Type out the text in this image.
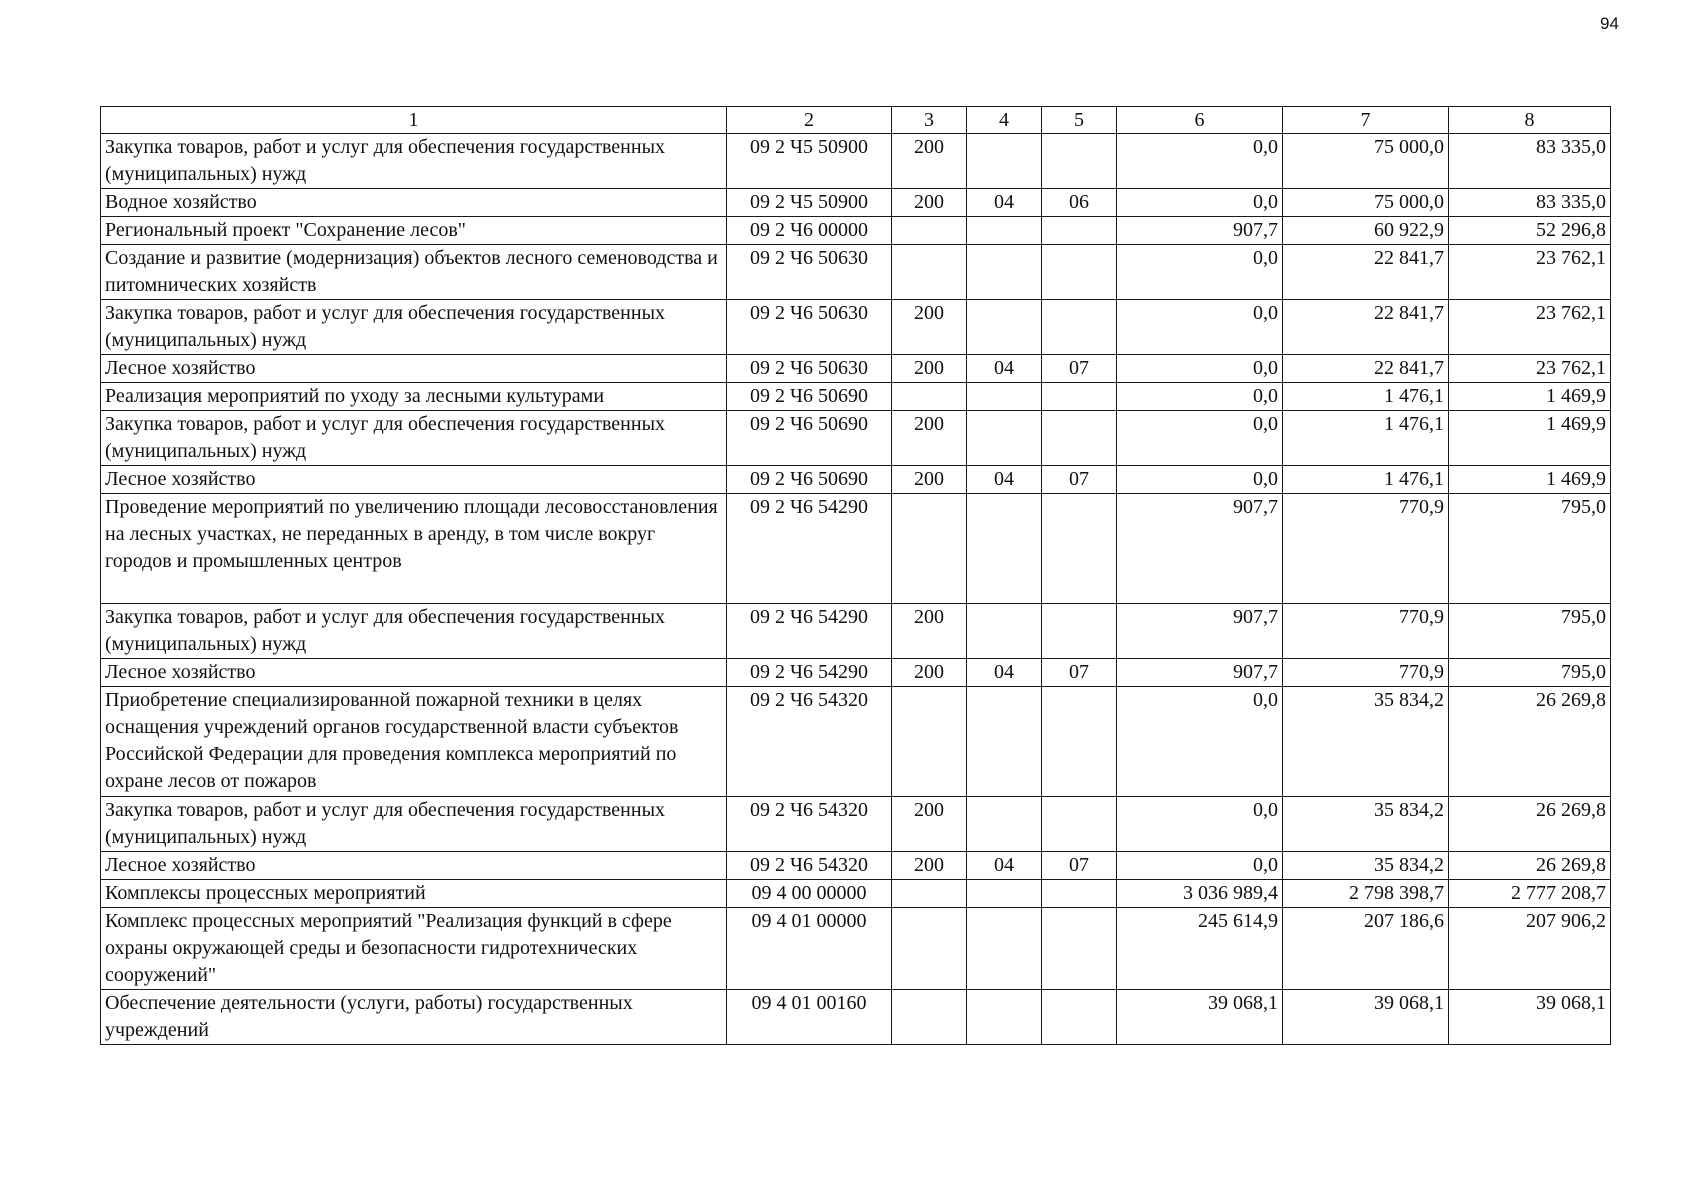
94
1	2	3	4	5	6	7	8
Закупка товаров, работ и услуг для обеспечения государственных (муниципальных) нужд	09 2 Ч5 50900	200			0,0	75 000,0	83 335,0
Водное хозяйство	09 2 Ч5 50900	200	04	06	0,0	75 000,0	83 335,0
Региональный проект "Сохранение лесов"	09 2 Ч6 00000				907,7	60 922,9	52 296,8
Создание и развитие (модернизация) объектов лесного семеноводства и питомнических хозяйств	09 2 Ч6 50630				0,0	22 841,7	23 762,1
Закупка товаров, работ и услуг для обеспечения государственных (муниципальных) нужд	09 2 Ч6 50630	200			0,0	22 841,7	23 762,1
Лесное хозяйство	09 2 Ч6 50630	200	04	07	0,0	22 841,7	23 762,1
Реализация мероприятий по уходу за лесными культурами	09 2 Ч6 50690				0,0	1 476,1	1 469,9
Закупка товаров, работ и услуг для обеспечения государственных (муниципальных) нужд	09 2 Ч6 50690	200			0,0	1 476,1	1 469,9
Лесное хозяйство	09 2 Ч6 50690	200	04	07	0,0	1 476,1	1 469,9
Проведение мероприятий по увеличению площади лесовосстановления на лесных участках, не переданных в аренду, в том числе вокруг городов и промышленных центров	09 2 Ч6 54290				907,7	770,9	795,0
Закупка товаров, работ и услуг для обеспечения государственных (муниципальных) нужд	09 2 Ч6 54290	200			907,7	770,9	795,0
Лесное хозяйство	09 2 Ч6 54290	200	04	07	907,7	770,9	795,0
Приобретение специализированной пожарной техники в целях оснащения учреждений органов государственной власти субъектов Российской Федерации для проведения комплекса мероприятий по охране лесов от пожаров	09 2 Ч6 54320				0,0	35 834,2	26 269,8
Закупка товаров, работ и услуг для обеспечения государственных (муниципальных) нужд	09 2 Ч6 54320	200			0,0	35 834,2	26 269,8
Лесное хозяйство	09 2 Ч6 54320	200	04	07	0,0	35 834,2	26 269,8
Комплексы процессных мероприятий	09 4 00 00000				3 036 989,4	2 798 398,7	2 777 208,7
Комплекс процессных мероприятий "Реализация функций в сфере охраны окружающей среды и безопасности гидротехнических сооружений"	09 4 01 00000				245 614,9	207 186,6	207 906,2
Обеспечение деятельности (услуги, работы) государственных учреждений	09 4 01 00160				39 068,1	39 068,1	39 068,1
